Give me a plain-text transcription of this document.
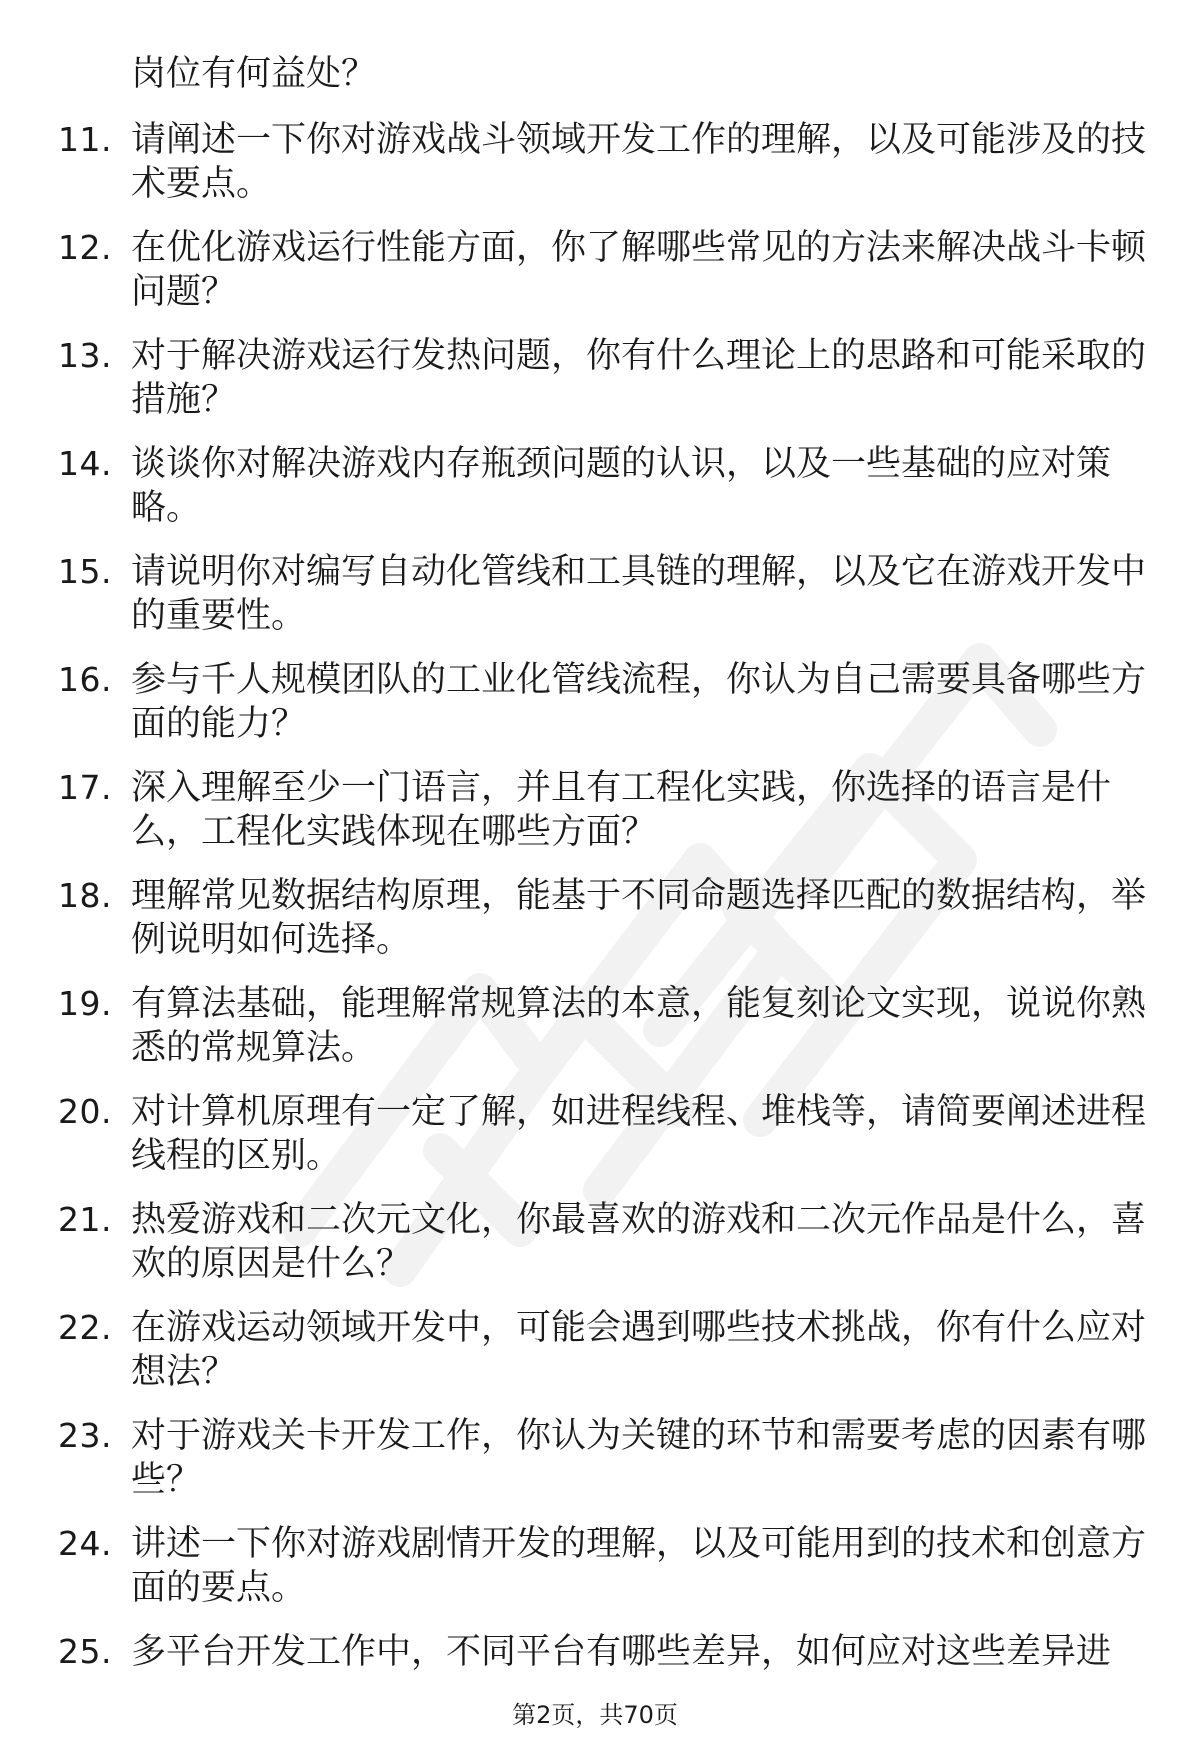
岗位有何益处？

11. 请阐述一下你对游戏战斗领域开发工作的理解，以及可能涉及的技术要点。
12. 在优化游戏运行性能方面，你了解哪些常见的方法来解决战斗卡顿问题？
13. 对于解决游戏运行发热问题，你有什么理论上的思路和可能采取的措施？
14. 谈谈你对解决游戏内存瓶颈问题的认识，以及一些基础的应对策略。
15. 请说明你对编写自动化管线和工具链的理解，以及它在游戏开发中的重要性。
16. 参与千人规模团队的工业化管线流程，你认为自己需要具备哪些方面的能力？
17. 深入理解至少一门语言，并且有工程化实践，你选择的语言是什么，工程化实践体现在哪些方面？
18. 理解常见数据结构原理，能基于不同命题选择匹配的数据结构，举例说明如何选择。
19. 有算法基础，能理解常规算法的本意，能复刻论文实现，说说你熟悉的常规算法。
20. 对计算机原理有一定了解，如进程线程、堆栈等，请简要阐述进程线程的区别。
21. 热爱游戏和二次元文化，你最喜欢的游戏和二次元作品是什么，喜欢的原因是什么？
22. 在游戏运动领域开发中，可能会遇到哪些技术挑战，你有什么应对想法？
23. 对于游戏关卡开发工作，你认为关键的环节和需要考虑的因素有哪些？
24. 讲述一下你对游戏剧情开发的理解，以及可能用到的技术和创意方面的要点。
25. 多平台开发工作中，不同平台有哪些差异，如何应对这些差异进
第2页，共70页
